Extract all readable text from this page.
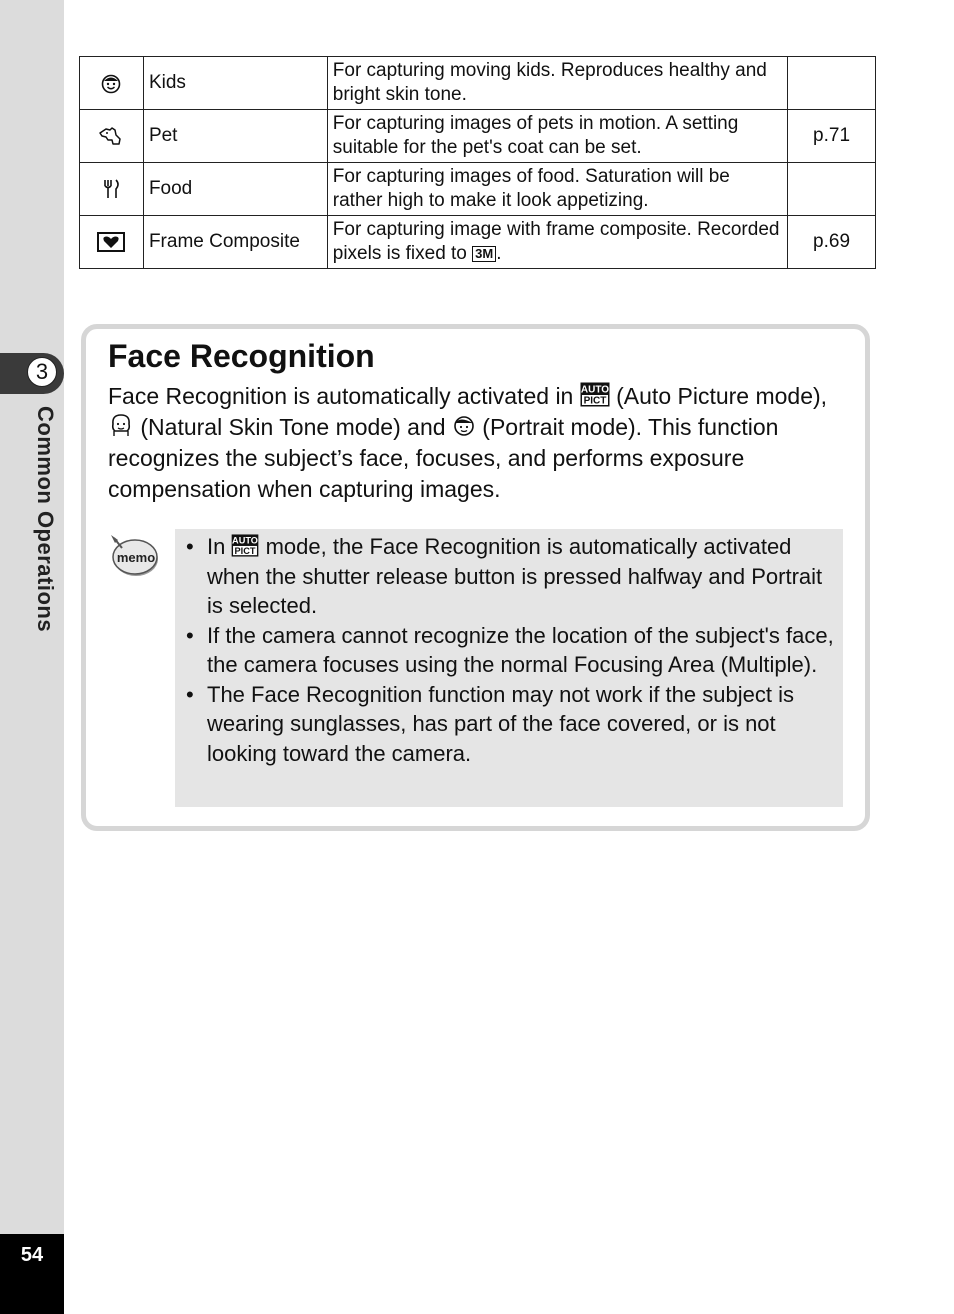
3
Common Operations
54
	Kids	For capturing moving kids. Reproduces healthy and bright skin tone.	
	Pet	For capturing images of pets in motion. A setting suitable for the pet's coat can be set.	p.71
	Food	For capturing images of food. Saturation will be rather high to make it look appetizing.	
	Frame Composite	For capturing image with frame composite. Recorded pixels is fixed to 3M .	p.69
Face Recognition
Face Recognition is automatically activated in AUTO
PICT (Auto Picture mode),  (Natural Skin Tone mode) and  (Portrait mode). This function recognizes the subject’s face, focuses, and performs exposure compensation when capturing images.
memo • In AUTO
PICT mode, the Face Recognition is automatically activated when the shutter release button is pressed halfway and Portrait is selected.
• If the camera cannot recognize the location of the subject's face, the camera focuses using the normal Focusing Area (Multiple).
• The Face Recognition function may not work if the subject is wearing sunglasses, has part of the face covered, or is not looking toward the camera.
